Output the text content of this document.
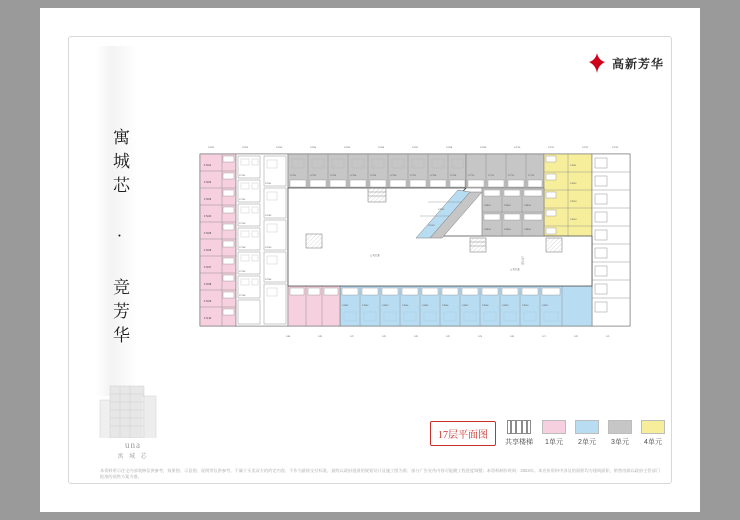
高新芳华
寓城芯 · 竞芳华
una
寓 城 芯
17L01
17L02
17L03
17L04
17L05
17L06
17L07
17L08
17L09
17L10
17Y01
17Y02
17Y03
17Y04
17Y05
17Y06
17X01
17X02
17X03
17X04
17T01	17T02	17T03	17T04	17T05	17T06	17T07	17T08	17T09	17T10	17T11	17T12	17T13
17R01
17R02
17R03
17R04
17B01	17B02	17B03	17B04	17B05	17B06	17B07	17B08	17B09	17B10	17B11
17D01
17D02
17M01	17M02	17M03
17M04	17M05	17M06
公共走道
公共走道
17Z01	17Z02	17Z03	17Z04	17Z05	17Z06	17Z07	17Z08	17Z09	17Z10	17Z11	17Z12	17Z13
17A	17B	17C	17D	17E	17F	17G	17H	17J	17K	17L
公共走道
17层平面图
共享楼梯 1单元 2单元 3单元 4单元
本资料所示住宅内部装修仅供参考，效果图、示意图、说明等仅供参考，不属于买卖双方的约定内容，不作为最终交付标准，最终以政府批准的规划设计及施工图为准；部分广告宣传内容可能随工程进度调整；本资料制作时间：2024年。本宣传资料中涉及的面积均为建筑面积，销售房源以政府主管部门批准的预售方案为准。
